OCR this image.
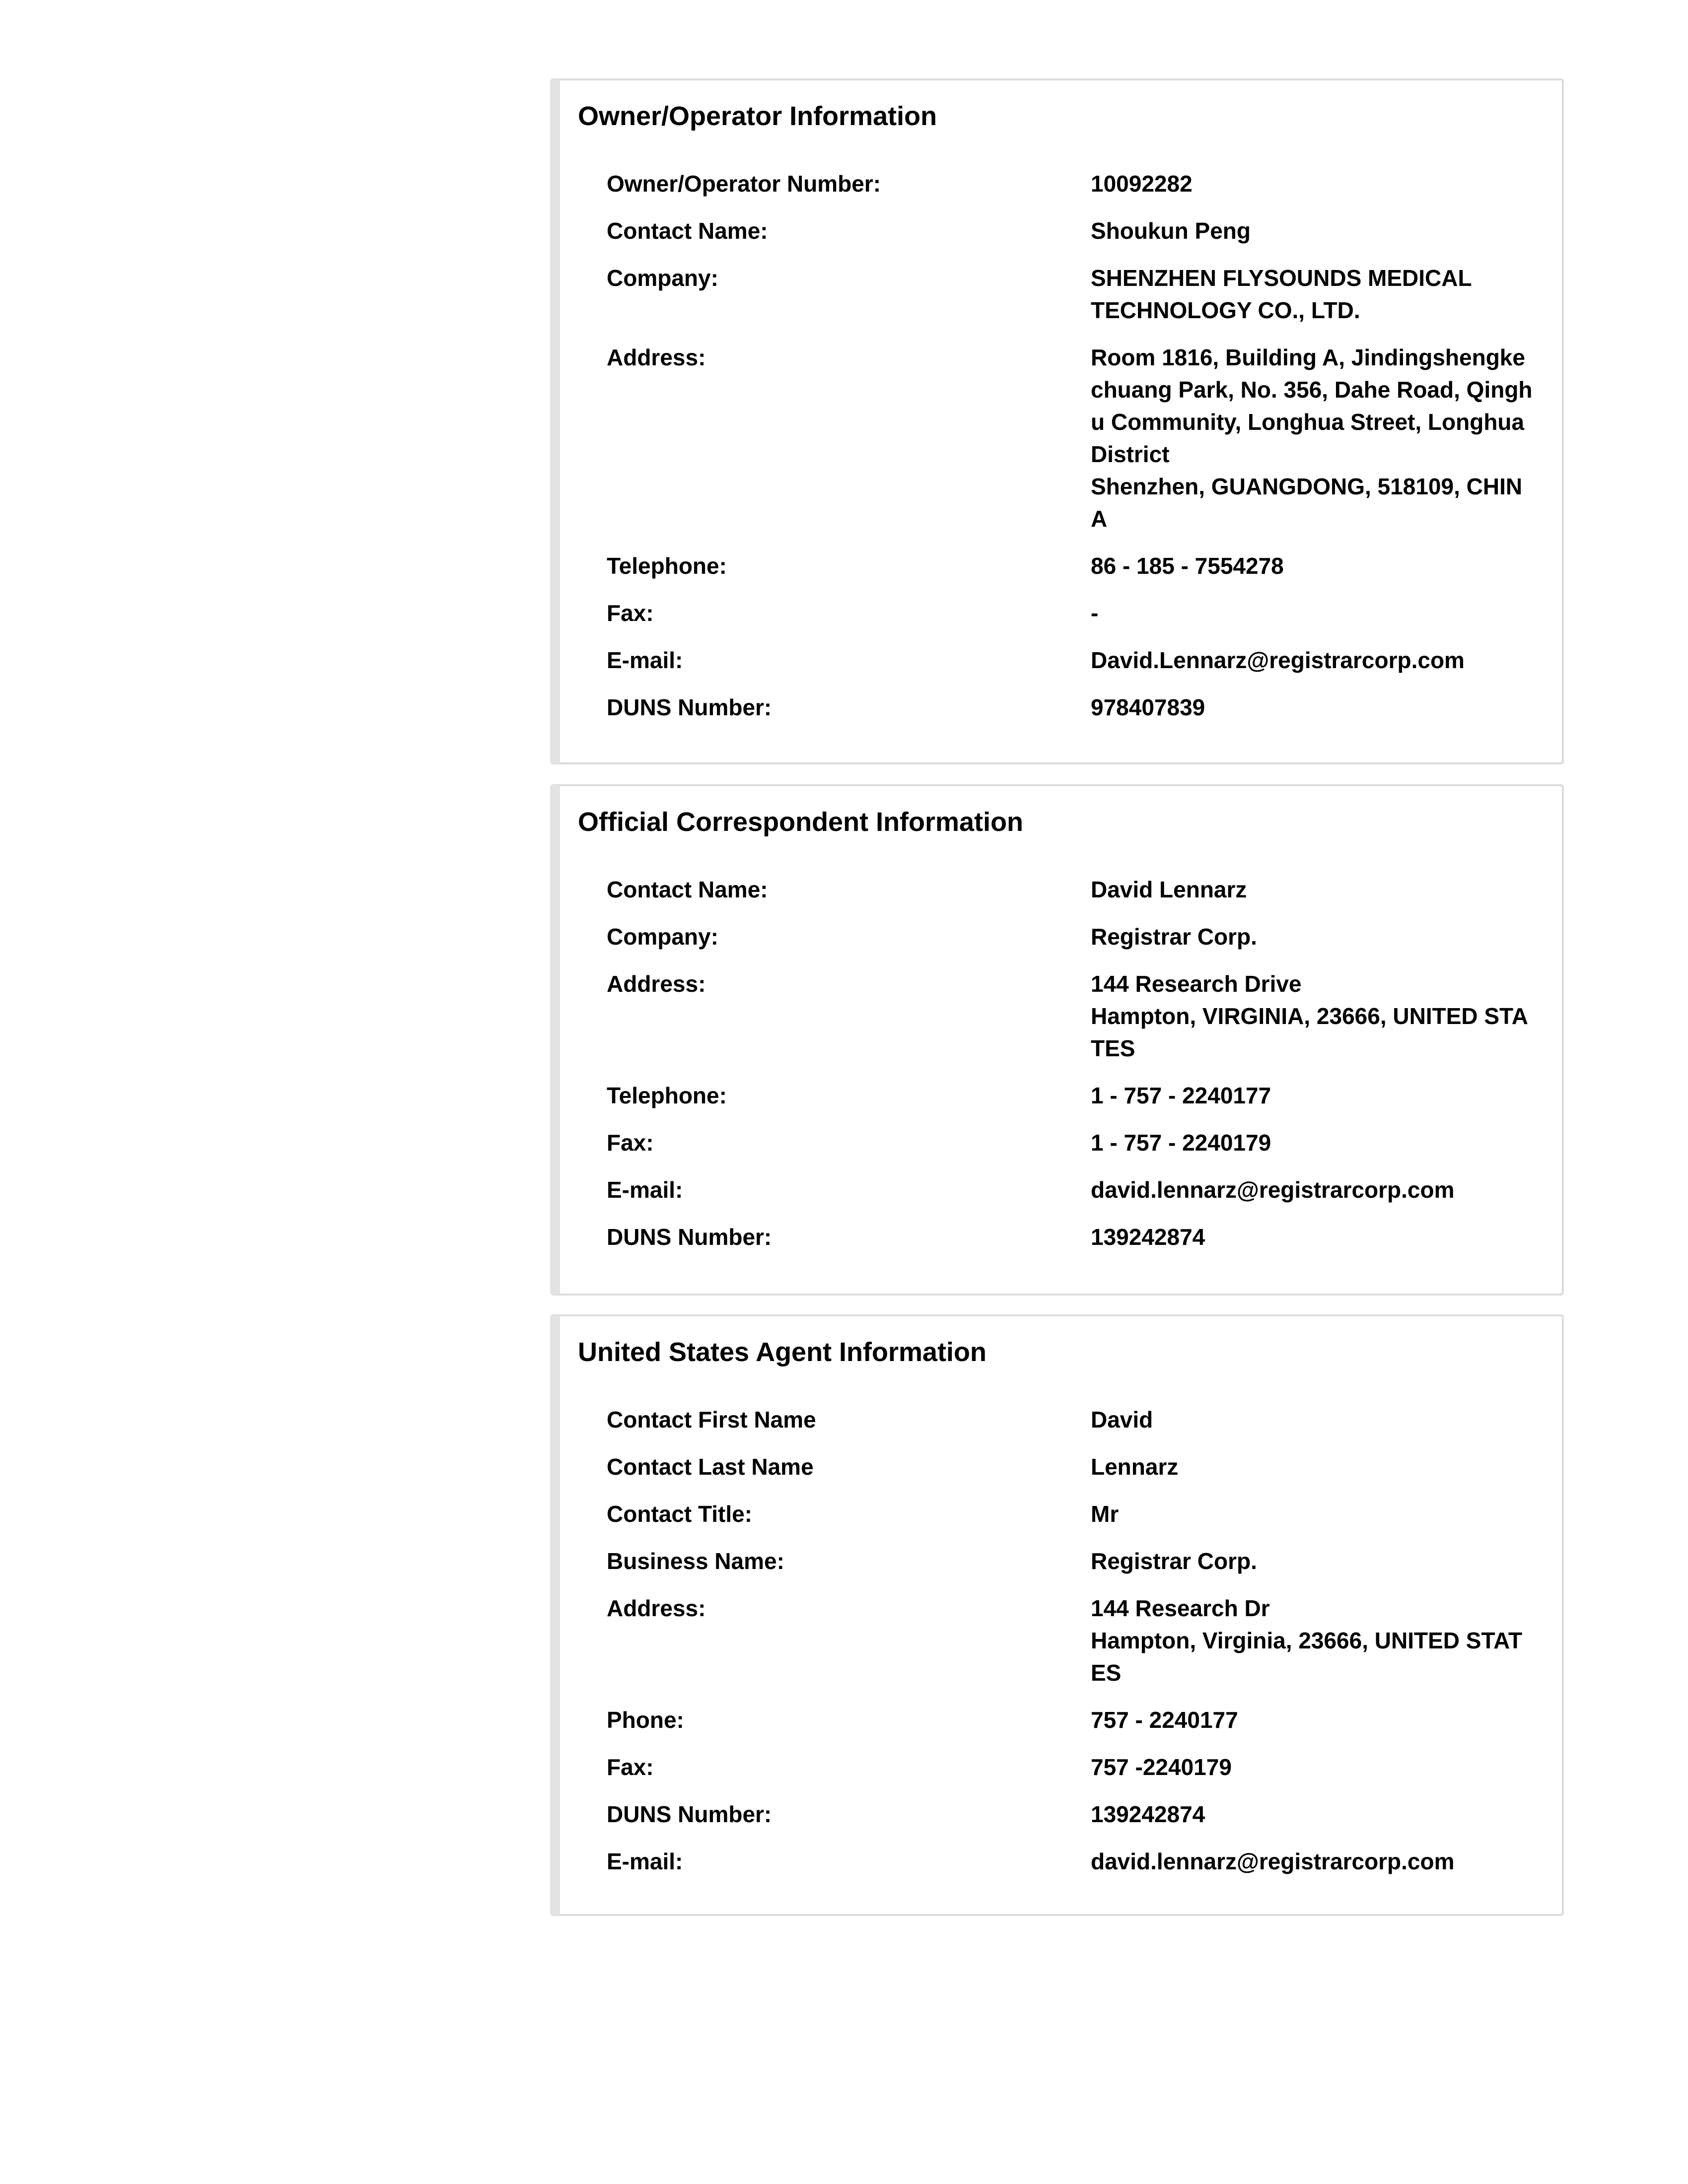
Owner/Operator Information
Owner/Operator Number:	10092282
Contact Name:	Shoukun Peng
Company:	SHENZHEN FLYSOUNDS MEDICAL TECHNOLOGY CO., LTD.
Address:	Room 1816, Building A, Jindingshengkechuang Park, No. 356, Dahe Road, Qinghu Community, Longhua Street, Longhua District
Shenzhen, GUANGDONG, 518109, CHINA
Telephone:	86 - 185 - 7554278
Fax:	-
E-mail:	David.Lennarz@registrarcorp.com
DUNS Number:	978407839
Official Correspondent Information
Contact Name:	David Lennarz
Company:	Registrar Corp.
Address:	144 Research Drive
Hampton, VIRGINIA, 23666, UNITED STATES
Telephone:	1 - 757 - 2240177
Fax:	1 - 757 - 2240179
E-mail:	david.lennarz@registrarcorp.com
DUNS Number:	139242874
United States Agent Information
Contact First Name	David
Contact Last Name	Lennarz
Contact Title:	Mr
Business Name:	Registrar Corp.
Address:	144 Research Dr
Hampton, Virginia, 23666, UNITED STATES
Phone:	757 - 2240177
Fax:	757 -2240179
DUNS Number:	139242874
E-mail:	david.lennarz@registrarcorp.com
